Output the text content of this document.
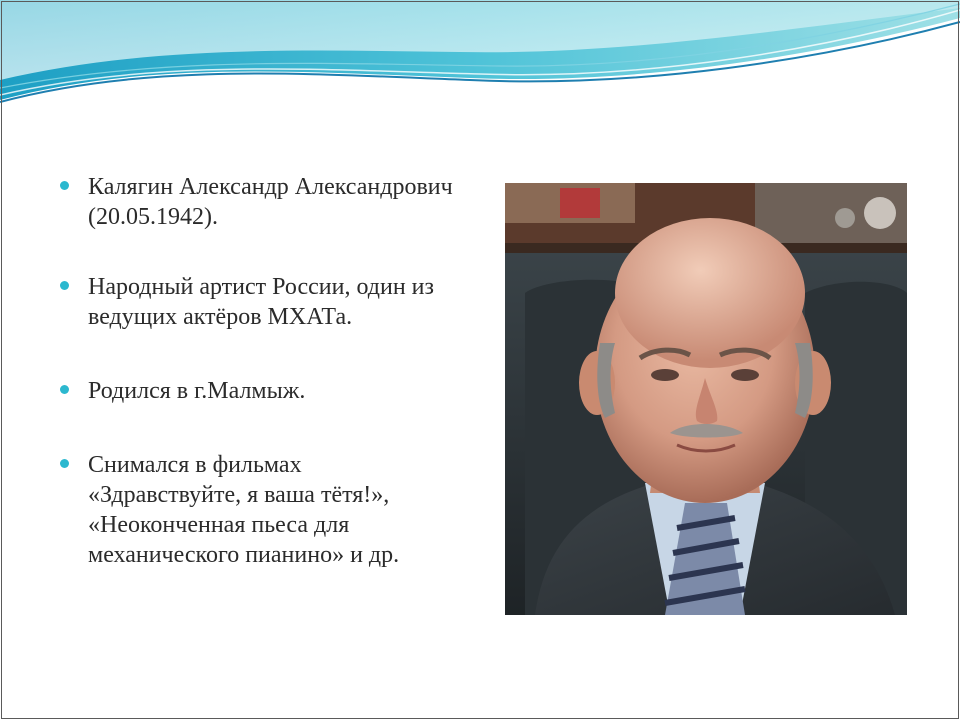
Калягин Александр Александрович (20.05.1942).
Народный артист России, один из ведущих актёров МХАТа.
Родился в г.Малмыж.
Снимался в фильмах «Здравствуйте, я ваша тётя!», «Неоконченная пьеса для механического пианино» и др.
